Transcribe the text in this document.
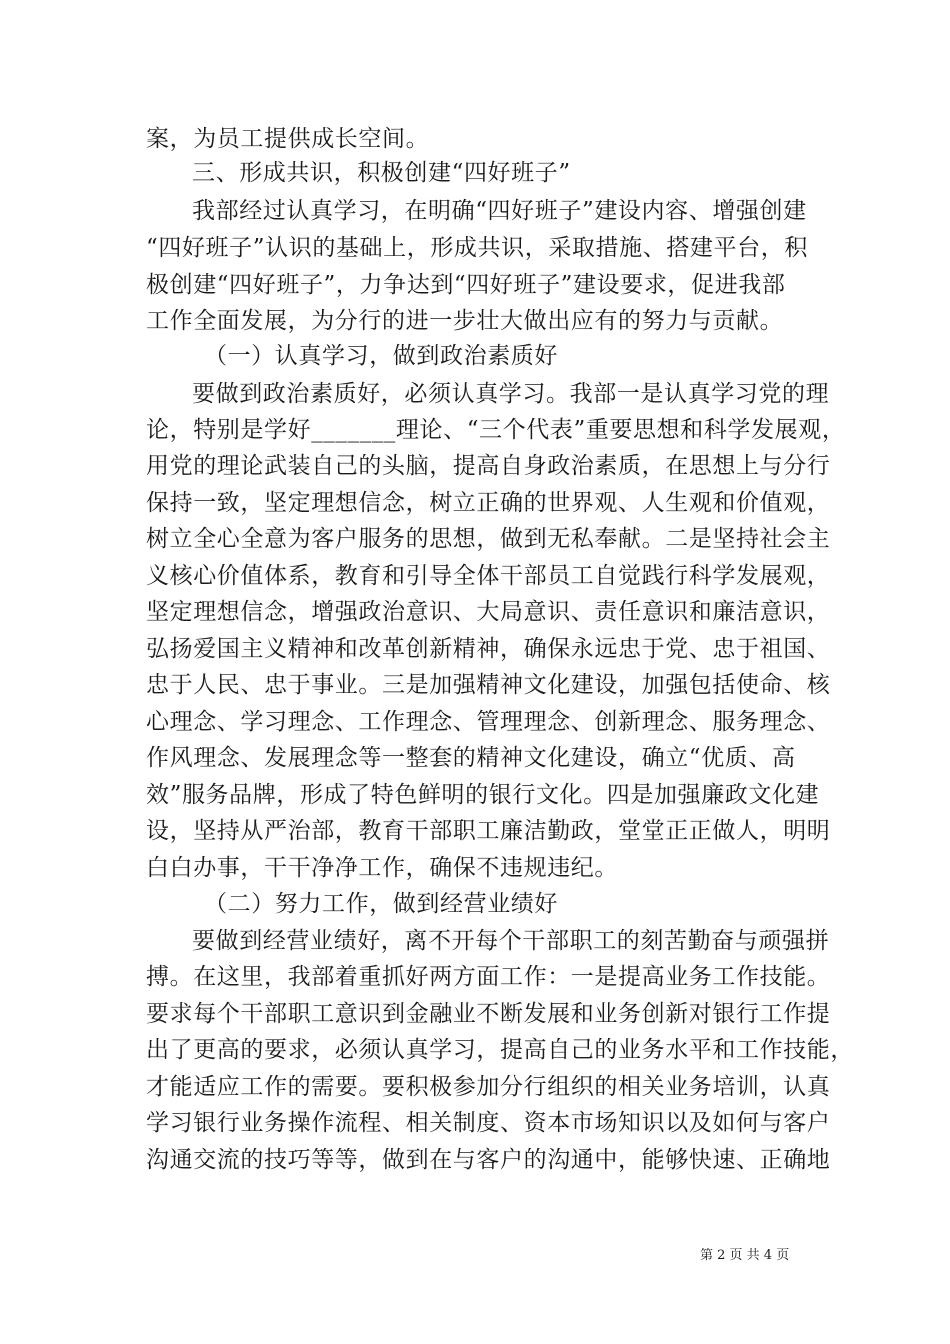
案，为员工提供成长空间。
三、形成共识，积极创建“四好班子”
我部经过认真学习，在明确“四好班子”建设内容、增强创建
“四好班子”认识的基础上，形成共识，采取措施、搭建平台，积
极创建“四好班子”，力争达到“四好班子”建设要求，促进我部
工作全面发展，为分行的进一步壮大做出应有的努力与贡献。
（一）认真学习，做到政治素质好
要做到政治素质好，必须认真学习。我部一是认真学习党的理
论，特别是学好_______理论、“三个代表”重要思想和科学发展观，
用党的理论武装自己的头脑，提高自身政治素质，在思想上与分行
保持一致，坚定理想信念，树立正确的世界观、人生观和价值观，
树立全心全意为客户服务的思想，做到无私奉献。二是坚持社会主
义核心价值体系，教育和引导全体干部员工自觉践行科学发展观，
坚定理想信念，增强政治意识、大局意识、责任意识和廉洁意识，
弘扬爱国主义精神和改革创新精神，确保永远忠于党、忠于祖国、
忠于人民、忠于事业。三是加强精神文化建设，加强包括使命、核
心理念、学习理念、工作理念、管理理念、创新理念、服务理念、
作风理念、发展理念等一整套的精神文化建设，确立“优质、高
效”服务品牌，形成了特色鲜明的银行文化。四是加强廉政文化建
设，坚持从严治部，教育干部职工廉洁勤政，堂堂正正做人，明明
白白办事，干干净净工作，确保不违规违纪。
（二）努力工作，做到经营业绩好
要做到经营业绩好，离不开每个干部职工的刻苦勤奋与顽强拼
搏。在这里，我部着重抓好两方面工作：一是提高业务工作技能。
要求每个干部职工意识到金融业不断发展和业务创新对银行工作提
出了更高的要求，必须认真学习，提高自己的业务水平和工作技能，
才能适应工作的需要。要积极参加分行组织的相关业务培训，认真
学习银行业务操作流程、相关制度、资本市场知识以及如何与客户
沟通交流的技巧等等，做到在与客户的沟通中，能够快速、正确地
第 2 页 共 4 页
